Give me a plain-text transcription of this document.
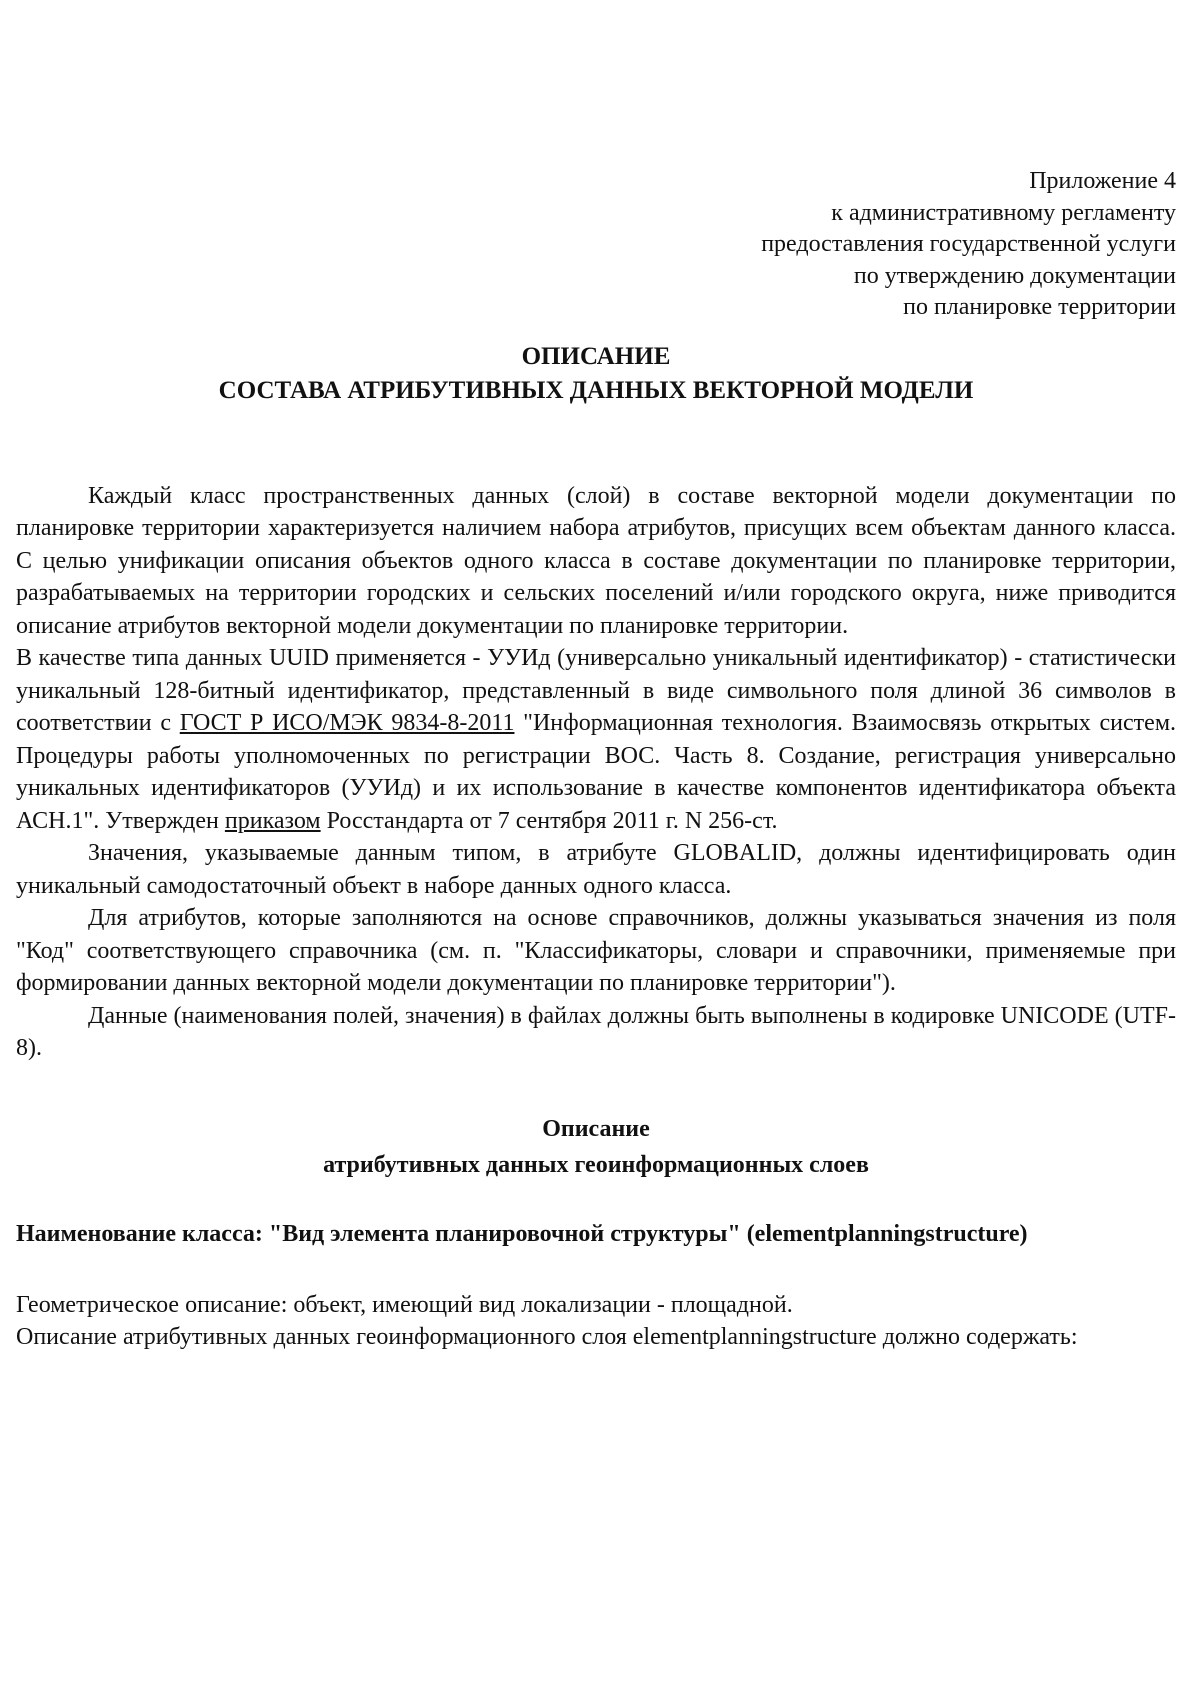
Приложение 4
к административному регламенту
предоставления государственной услуги
по утверждению документации
по планировке территории
ОПИСАНИЕ
СОСТАВА АТРИБУТИВНЫХ ДАННЫХ ВЕКТОРНОЙ МОДЕЛИ

Каждый класс пространственных данных (слой) в составе векторной модели документации по планировке территории характеризуется наличием набора атрибутов, присущих всем объектам данного класса. С целью унификации описания объектов одного класса в составе документации по планировке территории, разрабатываемых на территории городских и сельских поселений и/или городского округа, ниже приводится описание атрибутов векторной модели документации по планировке территории.

В качестве типа данных UUID применяется - УУИд (универсально уникальный идентификатор) - статистически уникальный 128-битный идентификатор, представленный в виде символьного поля длиной 36 символов в соответствии с ГОСТ Р ИСО/МЭК 9834-8-2011 "Информационная технология. Взаимосвязь открытых систем. Процедуры работы уполномоченных по регистрации ВОС. Часть 8. Создание, регистрация универсально уникальных идентификаторов (УУИд) и их использование в качестве компонентов идентификатора объекта АСН.1". Утвержден приказом Росстандарта от 7 сентября 2011 г. N 256-ст.

Значения, указываемые данным типом, в атрибуте GLOBALID, должны идентифицировать один уникальный самодостаточный объект в наборе данных одного класса.

Для атрибутов, которые заполняются на основе справочников, должны указываться значения из поля "Код" соответствующего справочника (см. п. "Классификаторы, словари и справочники, применяемые при формировании данных векторной модели документации по планировке территории").

Данные (наименования полей, значения) в файлах должны быть выполнены в кодировке UNICODE (UTF-8).

Описание
атрибутивных данных геоинформационных слоев
Наименование класса: "Вид элемента планировочной структуры" (elementplanningstructure)

Геометрическое описание: объект, имеющий вид локализации - площадной.

Описание атрибутивных данных геоинформационного слоя elementplanningstructure должно содержать:
